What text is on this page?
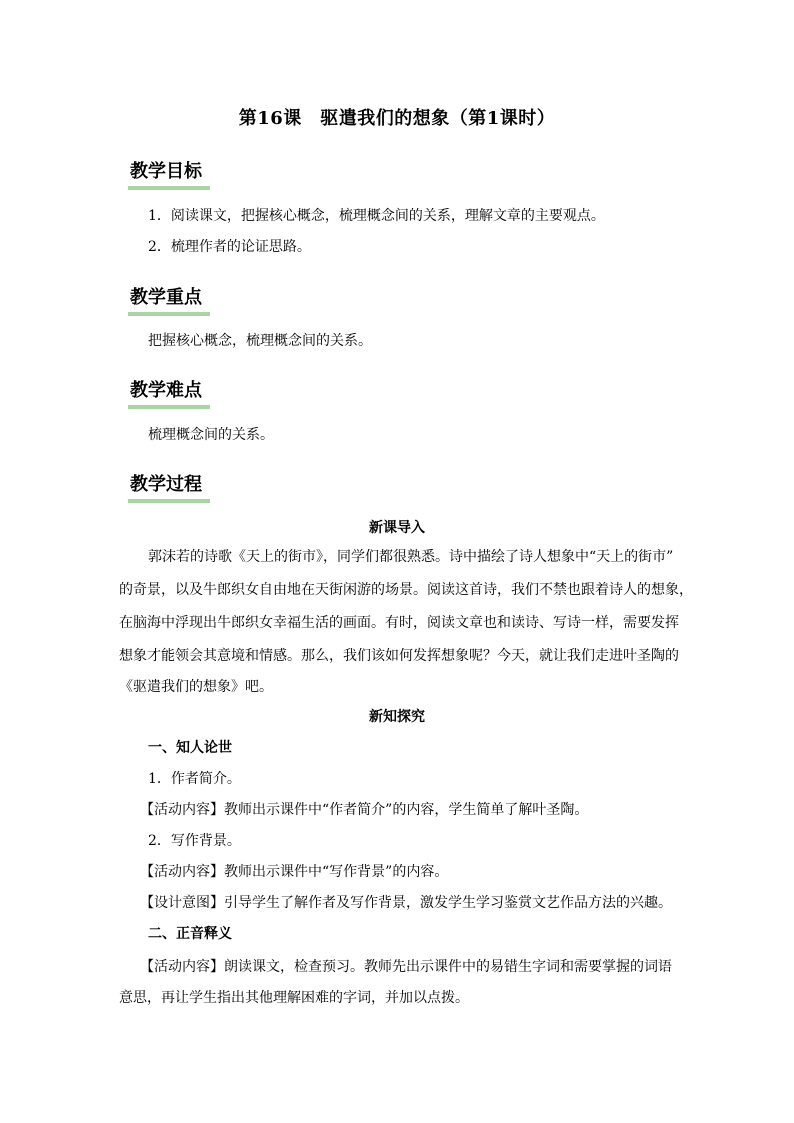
第16课　驱遣我们的想象（第1课时）
教学目标
1．阅读课文，把握核心概念，梳理概念间的关系，理解文章的主要观点。
2．梳理作者的论证思路。
教学重点
把握核心概念，梳理概念间的关系。
教学难点
梳理概念间的关系。
教学过程
新课导入
郭沫若的诗歌《天上的街市》，同学们都很熟悉。诗中描绘了诗人想象中“天上的街市”
的奇景，以及牛郎织女自由地在天街闲游的场景。阅读这首诗，我们不禁也跟着诗人的想象，
在脑海中浮现出牛郎织女幸福生活的画面。有时，阅读文章也和读诗、写诗一样，需要发挥
想象才能领会其意境和情感。那么，我们该如何发挥想象呢？今天，就让我们走进叶圣陶的
《驱遣我们的想象》吧。
新知探究
一、知人论世
1．作者简介。
【活动内容】教师出示课件中“作者简介”的内容，学生简单了解叶圣陶。
2．写作背景。
【活动内容】教师出示课件中“写作背景”的内容。
【设计意图】引导学生了解作者及写作背景，激发学生学习鉴赏文艺作品方法的兴趣。
二、正音释义
【活动内容】朗读课文，检查预习。教师先出示课件中的易错生字词和需要掌握的词语
意思，再让学生指出其他理解困难的字词，并加以点拨。
